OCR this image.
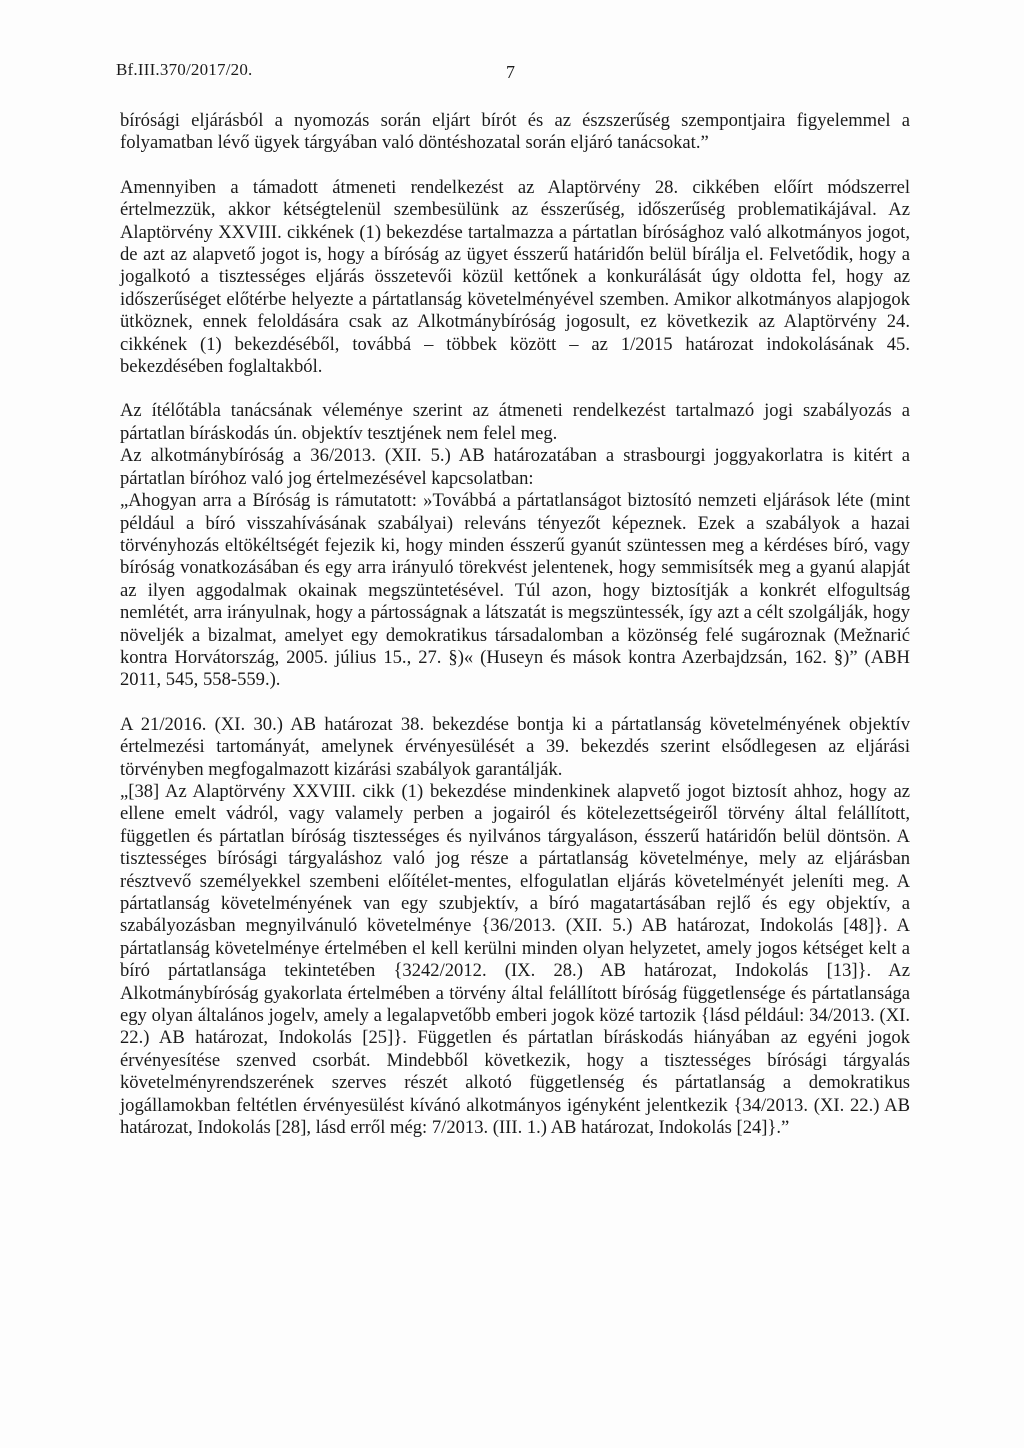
Bf.III.370/2017/20.	7

bírósági eljárásból a nyomozás során eljárt bírót és az észszerűség szempontjaira figyelemmel a folyamatban lévő ügyek tárgyában való döntéshozatal során eljáró tanácsokat.”

Amennyiben a támadott átmeneti rendelkezést az Alaptörvény 28. cikkében előírt módszerrel értelmezzük, akkor kétségtelenül szembesülünk az ésszerűség, időszerűség problematikájával. Az Alaptörvény XXVIII. cikkének (1) bekezdése tartalmazza a pártatlan bírósághoz való alkotmányos jogot, de azt az alapvető jogot is, hogy a bíróság az ügyet ésszerű határidőn belül bírálja el. Felvetődik, hogy a jogalkotó a tisztességes eljárás összetevői közül kettőnek a konkurálását úgy oldotta fel, hogy az időszerűséget előtérbe helyezte a pártatlanság követelményével szemben. Amikor alkotmányos alapjogok ütköznek, ennek feloldására csak az Alkotmánybíróság jogosult, ez következik az Alaptörvény 24. cikkének (1) bekezdéséből, továbbá – többek között – az 1/2015 határozat indokolásának 45. bekezdésében foglaltakból.

Az ítélőtábla tanácsának véleménye szerint az átmeneti rendelkezést tartalmazó jogi szabályozás a pártatlan bíráskodás ún. objektív tesztjének nem felel meg.

Az alkotmánybíróság a 36/2013. (XII. 5.) AB határozatában a strasbourgi joggyakorlatra is kitért a pártatlan bíróhoz való jog értelmezésével kapcsolatban:

„Ahogyan arra a Bíróság is rámutatott: »Továbbá a pártatlanságot biztosító nemzeti eljárások léte (mint például a bíró visszahívásának szabályai) releváns tényezőt képeznek. Ezek a szabályok a hazai törvényhozás eltökéltségét fejezik ki, hogy minden ésszerű gyanút szüntessen meg a kérdéses bíró, vagy bíróság vonatkozásában és egy arra irányuló törekvést jelentenek, hogy semmisítsék meg a gyanú alapját az ilyen aggodalmak okainak megszüntetésével. Túl azon, hogy biztosítják a konkrét elfogultság nemlétét, arra irányulnak, hogy a pártosságnak a látszatát is megszüntessék, így azt a célt szolgálják, hogy növeljék a bizalmat, amelyet egy demokratikus társadalomban a közönség felé sugároznak (Mežnarić kontra Horvátország, 2005. július 15., 27. §)« (Huseyn és mások kontra Azerbajdzsán, 162. §)” (ABH 2011, 545, 558-559.).

A 21/2016. (XI. 30.) AB határozat 38. bekezdése bontja ki a pártatlanság követelményének objektív értelmezési tartományát, amelynek érvényesülését a 39. bekezdés szerint elsődlegesen az eljárási törvényben megfogalmazott kizárási szabályok garantálják.

„[38] Az Alaptörvény XXVIII. cikk (1) bekezdése mindenkinek alapvető jogot biztosít ahhoz, hogy az ellene emelt vádról, vagy valamely perben a jogairól és kötelezettségeiről törvény által felállított, független és pártatlan bíróság tisztességes és nyilvános tárgyaláson, ésszerű határidőn belül döntsön. A tisztességes bírósági tárgyaláshoz való jog része a pártatlanság követelménye, mely az eljárásban résztvevő személyekkel szembeni előítélet-mentes, elfogulatlan eljárás követelményét jeleníti meg. A pártatlanság követelményének van egy szubjektív, a bíró magatartásában rejlő és egy objektív, a szabályozásban megnyilvánuló követelménye {36/2013. (XII. 5.) AB határozat, Indokolás [48]}. A pártatlanság követelménye értelmében el kell kerülni minden olyan helyzetet, amely jogos kétséget kelt a bíró pártatlansága tekintetében {3242/2012. (IX. 28.) AB határozat, Indokolás [13]}. Az Alkotmánybíróság gyakorlata értelmében a törvény által felállított bíróság függetlensége és pártatlansága egy olyan általános jogelv, amely a legalapvetőbb emberi jogok közé tartozik {lásd például: 34/2013. (XI. 22.) AB határozat, Indokolás [25]}. Független és pártatlan bíráskodás hiányában az egyéni jogok érvényesítése szenved csorbát. Mindebből következik, hogy a tisztességes bírósági tárgyalás követelményrendszerének szerves részét alkotó függetlenség és pártatlanság a demokratikus jogállamokban feltétlen érvényesülést kívánó alkotmányos igényként jelentkezik {34/2013. (XI. 22.) AB határozat, Indokolás [28], lásd erről még: 7/2013. (III. 1.) AB határozat, Indokolás [24]}.”
